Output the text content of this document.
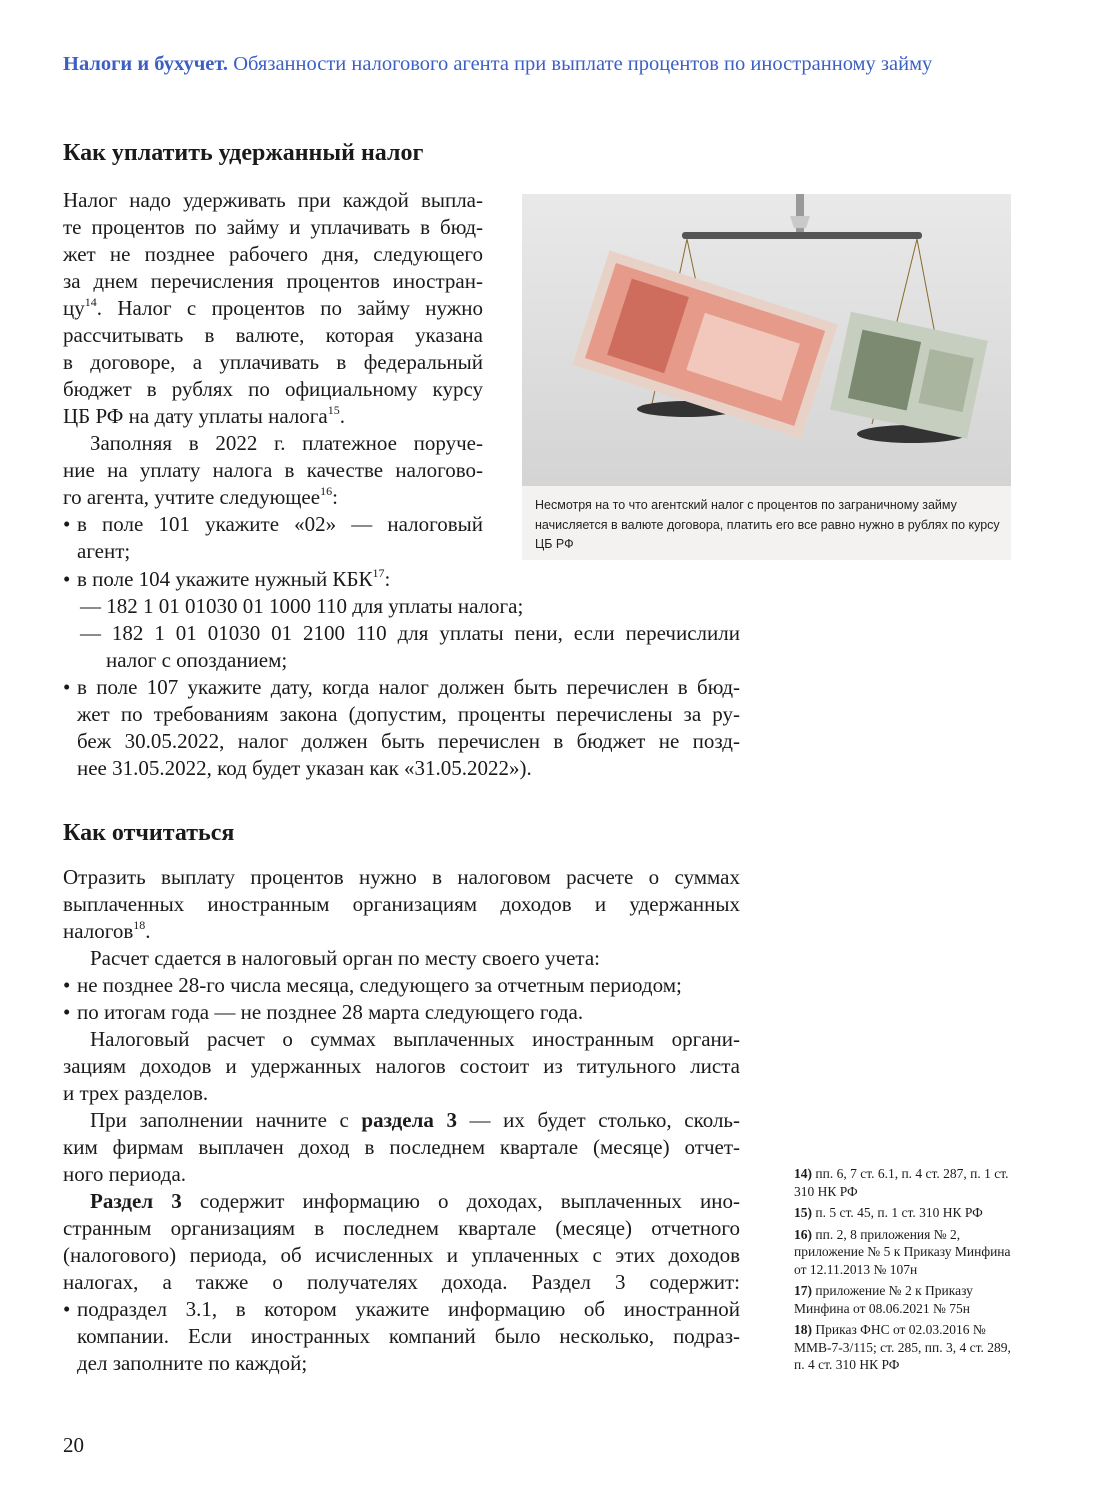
Налоги и бухучет. Обязанности налогового агента при выплате процентов по иностранному займу
Как уплатить удержанный налог
Налог надо удерживать при каждой выпла-
те процентов по займу и уплачивать в бюд-
жет не позднее рабочего дня, следующего
за днем перечисления процентов иностран-
$цу^{14}$. Налог с процентов по займу нужно
рассчитывать в валюте, которая указана
в договоре, а уплачивать в федеральный
бюджет в рублях по официальному курсу
ЦБ РФ на дату уплаты налога$^{15}$.
Заполняя в 2022 г. платежное поруче-
ние на уплату налога в качестве налогово-
го агента, учтите следующее$^{16}$:
• в поле 101 укажите «02» — налоговый
агент;
• в поле 104 укажите нужный КБК$^{17}$:
— 182 1 01 01030 01 1000 110 для уплаты налога;
— 182 1 01 01030 01 2100 110 для уплаты пени, если перечислили
налог с опозданием;
• в поле 107 укажите дату, когда налог должен быть перечислен в бюд-
жет по требованиям закона (допустим, проценты перечислены за ру-
беж 30.05.2022, налог должен быть перечислен в бюджет не позд-
нее 31.05.2022, код будет указан как «31.05.2022»).
Как отчитаться
Отразить выплату процентов нужно в налоговом расчете о суммах
выплаченных иностранным организациям доходов и удержанных
налогов$^{18}$.
Расчет сдается в налоговый орган по месту своего учета:
• не позднее 28-го числа месяца, следующего за отчетным периодом;
• по итогам года — не позднее 28 марта следующего года.
Налоговый расчет о суммах выплаченных иностранным органи-
зациям доходов и удержанных налогов состоит из титульного листа
и трех разделов.
При заполнении начните с раздела 3 — их будет столько, сколь-
ким фирмам выплачен доход в последнем квартале (месяце) отчет-
ного периода.
Раздел 3 содержит информацию о доходах, выплаченных ино-
странным организациям в последнем квартале (месяце) отчетного
(налогового) периода, об исчисленных и уплаченных с этих доходов
налогах, а также о получателях дохода. Раздел 3 содержит:
• подраздел 3.1, в котором укажите информацию об иностранной
компании. Если иностранных компаний было несколько, подраз-
дел заполните по каждой;
Несмотря на то что агентский налог с процентов по заграничному займу начисляется в валюте договора, платить его все равно нужно в рублях по курсу ЦБ РФ
14) пп. 6, 7 ст. 6.1, п. 4 ст. 287, п. 1 ст. 310 НК РФ
15) п. 5 ст. 45, п. 1 ст. 310 НК РФ
16) пп. 2, 8 приложения № 2, приложение № 5 к Приказу Минфина от 12.11.2013 № 107н
17) приложение № 2 к Приказу Минфина от 08.06.2021 № 75н
18) Приказ ФНС от 02.03.2016 № ММВ-7-3/115; ст. 285, пп. 3, 4 ст. 289, п. 4 ст. 310 НК РФ
20
